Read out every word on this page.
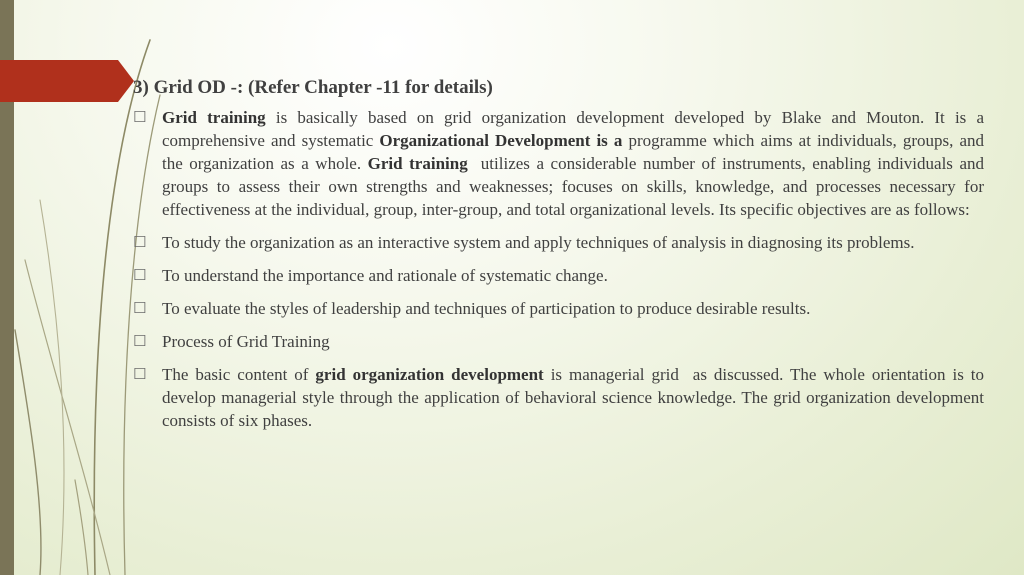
3) Grid OD -: (Refer Chapter -11 for details)
☐ Grid training is basically based on grid organization development developed by Blake and Mouton. It is a comprehensive and systematic Organizational Development is a programme which aims at individuals, groups, and the organization as a whole. Grid training  utilizes a considerable number of instruments, enabling individuals and groups to assess their own strengths and weaknesses; focuses on skills, knowledge, and processes necessary for effectiveness at the individual, group, inter-group, and total organizational levels. Its specific objectives are as follows:
☐ To study the organization as an interactive system and apply techniques of analysis in diagnosing its problems.
☐ To understand the importance and rationale of systematic change.
☐ To evaluate the styles of leadership and techniques of participation to produce desirable results.
☐ Process of Grid Training
☐ The basic content of grid organization development is managerial grid  as discussed. The whole orientation is to develop managerial style through the application of behavioral science knowledge. The grid organization development consists of six phases.
